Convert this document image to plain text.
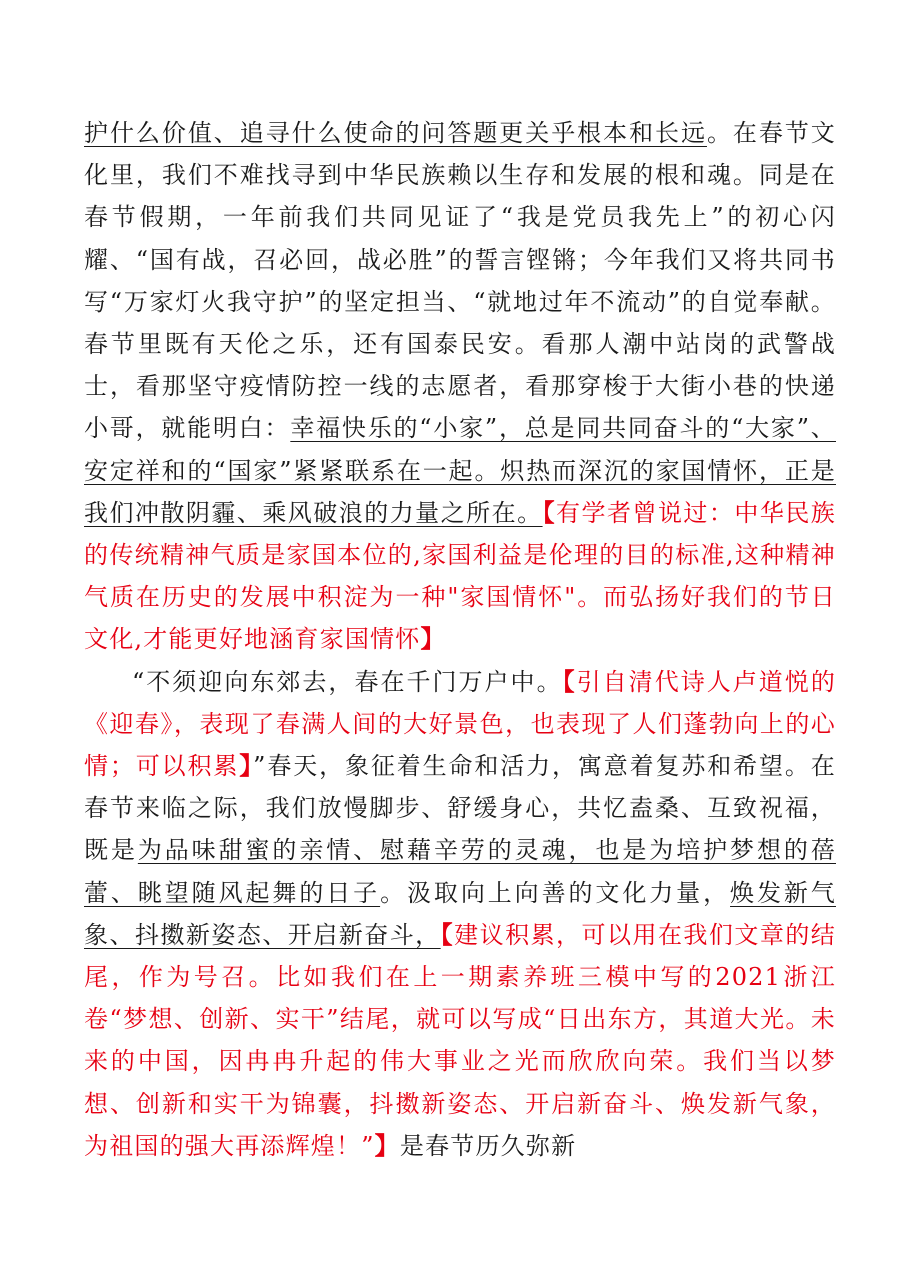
护什么价值、追寻什么使命的问答题更关乎根本和长远。在春节文化里，我们不难找寻到中华民族赖以生存和发展的根和魂。同是在春节假期，一年前我们共同见证了“我是党员我先上”的初心闪耀、“国有战，召必回，战必胜”的誓言铿锵；今年我们又将共同书写“万家灯火我守护”的坚定担当、“就地过年不流动”的自觉奉献。春节里既有天伦之乐，还有国泰民安。看那人潮中站岗的武警战士，看那坚守疫情防控一线的志愿者，看那穿梭于大街小巷的快递小哥，就能明白：幸福快乐的“小家”，总是同共同奋斗的“大家”、安定祥和的“国家”紧紧联系在一起。炽热而深沉的家国情怀，正是我们冲散阴霾、乘风破浪的力量之所在。【有学者曾说过：中华民族的传统精神气质是家国本位的,家国利益是伦理的目的标准,这种精神气质在历史的发展中积淀为一种"家国情怀"。而弘扬好我们的节日文化,才能更好地涵育家国情怀】

“不须迎向东郊去，春在千门万户中。【引自清代诗人卢道悦的《迎春》，表现了春满人间的大好景色，也表现了人们蓬勃向上的心情；可以积累】”春天，象征着生命和活力，寓意着复苏和希望。在春节来临之际，我们放慢脚步、舒缓身心，共忆盍桑、互致祝福，既是为品味甜蜜的亲情、慰藉辛劳的灵魂，也是为培护梦想的蓓蕾、眺望随风起舞的日子。汲取向上向善的文化力量，焕发新气象、抖擞新姿态、开启新奋斗，【建议积累，可以用在我们文章的结尾，作为号召。比如我们在上一期素养班三模中写的2021浙江卷“梦想、创新、实干”结尾，就可以写成“日出东方，其道大光。未来的中国，因冉冉升起的伟大事业之光而欣欣向荣。我们当以梦想、创新和实干为锦囊，抖擞新姿态、开启新奋斗、焕发新气象，为祖国的强大再添辉煌！”】是春节历久弥新
